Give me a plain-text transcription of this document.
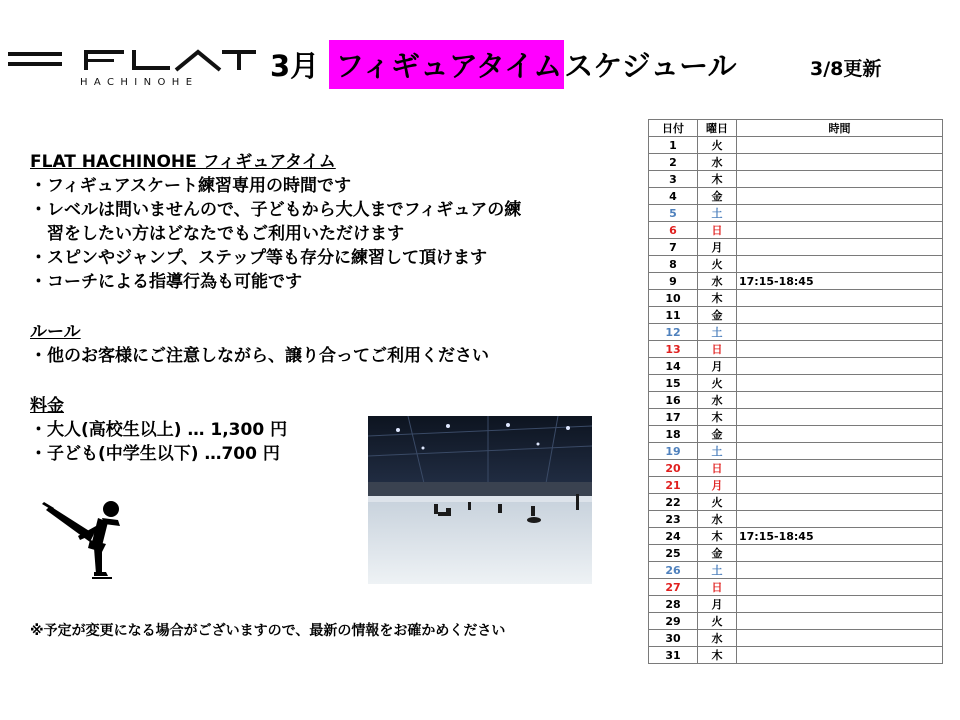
HACHINOHE 3月 フィギュアタイム スケジュール	3/8更新
FLAT HACHINOHE フィギュアタイム
・フィギュアスケート練習専用の時間です
・レベルは問いませんので、子どもから大人までフィギュアの練
習をしたい方はどなたでもご利用いただけます
・スピンやジャンプ、ステップ等も存分に練習して頂けます
・コーチによる指導行為も可能です
ルール
・他のお客様にご注意しながら、譲り合ってご利用ください
料金
・大人(高校生以上) … 1,300 円
・子ども(中学生以下) …700 円
※予定が変更になる場合がございますので、最新の情報をお確かめください
日付	曜日	時間
1	火	
2	水	
3	木	
4	金	
5	土	
6	日	
7	月	
8	火	
9	水	17:15-18:45
10	木	
11	金	
12	土	
13	日	
14	月	
15	火	
16	水	
17	木	
18	金	
19	土	
20	日	
21	月	
22	火	
23	水	
24	木	17:15-18:45
25	金	
26	土	
27	日	
28	月	
29	火	
30	水	
31	木	
